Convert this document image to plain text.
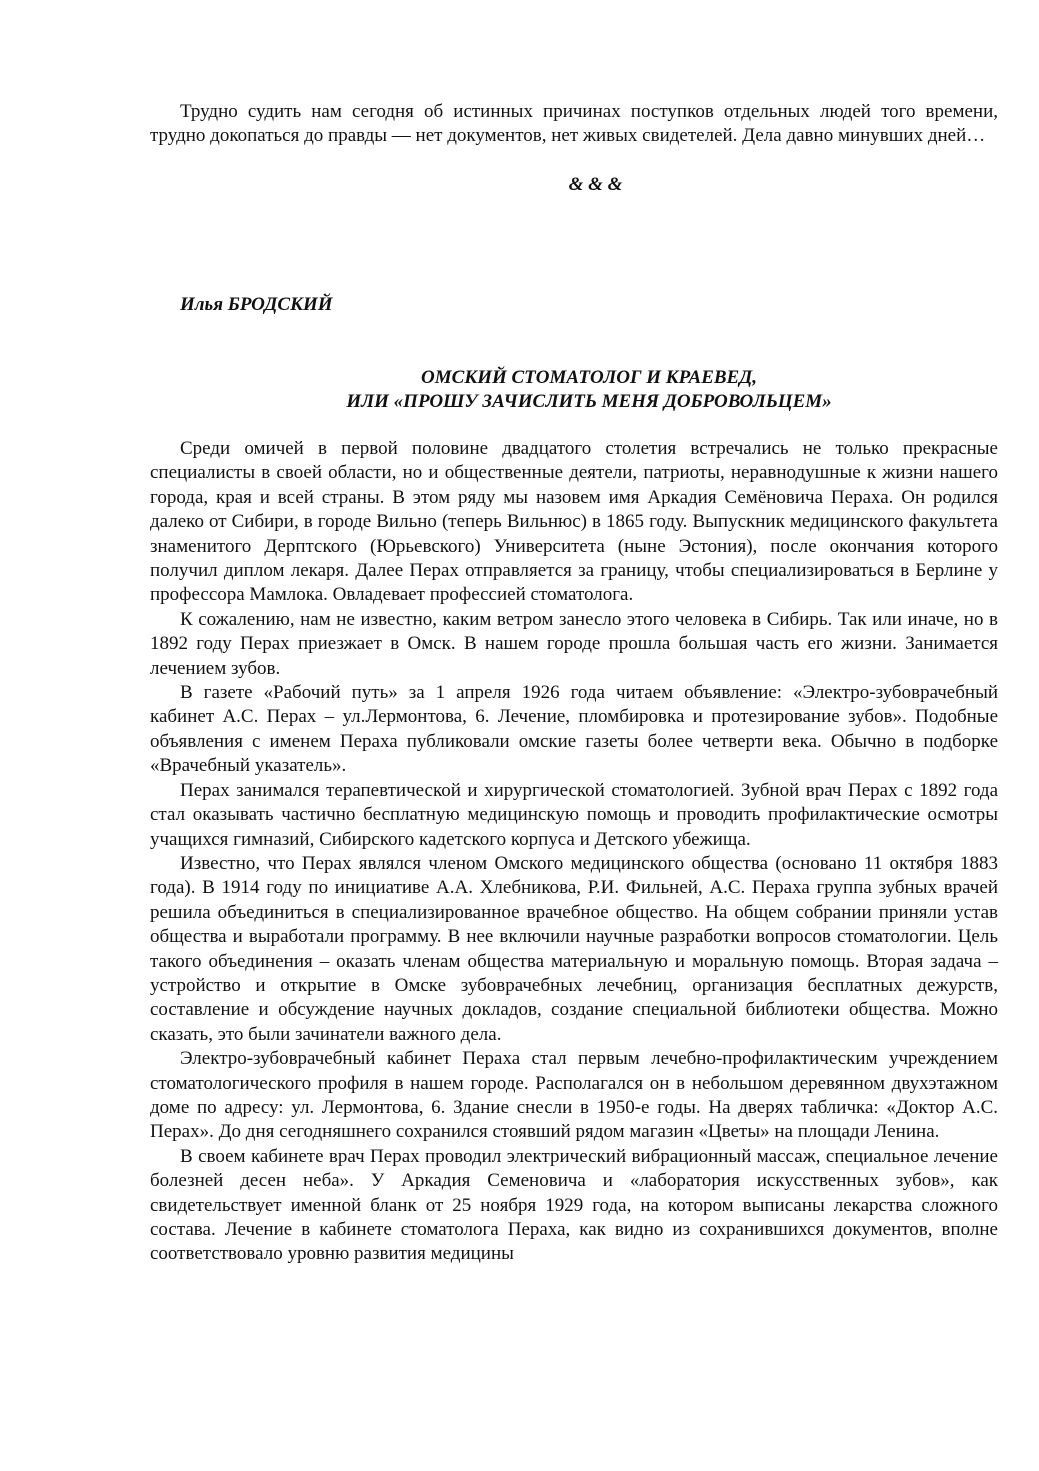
Трудно судить нам сегодня об истинных причинах поступков отдельных людей того времени, трудно докопаться до правды — нет документов, нет живых свидетелей. Дела давно минувших дней…

& & &
Илья БРОДСКИЙ
ОМСКИЙ СТОМАТОЛОГ И КРАЕВЕД,
ИЛИ «ПРОШУ ЗАЧИСЛИТЬ МЕНЯ ДОБРОВОЛЬЦЕМ»

Среди омичей в первой половине двадцатого столетия встречались не только прекрасные специалисты в своей области, но и общественные деятели, патриоты, неравнодушные к жизни нашего города, края и всей страны. В этом ряду мы назовем имя Аркадия Семёновича Пераха. Он родился далеко от Сибири, в городе Вильно (теперь Вильнюс) в 1865 году. Выпускник медицинского факультета знаменитого Дерптского (Юрьевского) Университета (ныне Эстония), после окончания которого получил диплом лекаря. Далее Перах отправляется за границу, чтобы специализироваться в Берлине у профессора Мамлока. Овладевает профессией стоматолога.

К сожалению, нам не известно, каким ветром занесло этого человека в Сибирь. Так или иначе, но в 1892 году Перах приезжает в Омск. В нашем городе прошла большая часть его жизни. Занимается лечением зубов.

В газете «Рабочий путь» за 1 апреля 1926 года читаем объявление: «Электро-зубоврачебный кабинет А.С. Перах – ул.Лермонтова, 6. Лечение, пломбировка и протезирование зубов». Подобные объявления с именем Пераха публиковали омские газеты более четверти века. Обычно в подборке «Врачебный указатель».

Перах занимался терапевтической и хирургической стоматологией. Зубной врач Перах с 1892 года стал оказывать частично бесплатную медицинскую помощь и проводить профилактические осмотры учащихся гимназий, Сибирского кадетского корпуса и Детского убежища.

Известно, что Перах являлся членом Омского медицинского общества (основано 11 октября 1883 года). В 1914 году по инициативе А.А. Хлебникова, Р.И. Фильней, А.С. Пераха группа зубных врачей решила объединиться в специализированное врачебное общество. На общем собрании приняли устав общества и выработали программу. В нее включили научные разработки вопросов стоматологии. Цель такого объединения – оказать членам общества материальную и моральную помощь. Вторая задача – устройство и открытие в Омске зубоврачебных лечебниц, организация бесплатных дежурств, составление и обсуждение научных докладов, создание специальной библиотеки общества. Можно сказать, это были зачинатели важного дела.

Электро-зубоврачебный кабинет Пераха стал первым лечебно-профилактическим учреждением стоматологического профиля в нашем городе. Располагался он в небольшом деревянном двухэтажном доме по адресу: ул. Лермонтова, 6. Здание снесли в 1950-е годы. На дверях табличка: «Доктор А.С. Перах». До дня сегодняшнего сохранился стоявший рядом магазин «Цветы» на площади Ленина.

В своем кабинете врач Перах проводил электрический вибрационный массаж, специальное лечение болезней десен неба». У Аркадия Семеновича и «лаборатория искусственных зубов», как свидетельствует именной бланк от 25 ноября 1929 года, на котором выписаны лекарства сложного состава. Лечение в кабинете стоматолога Пераха, как видно из сохранившихся документов, вполне соответствовало уровню развития медицины
